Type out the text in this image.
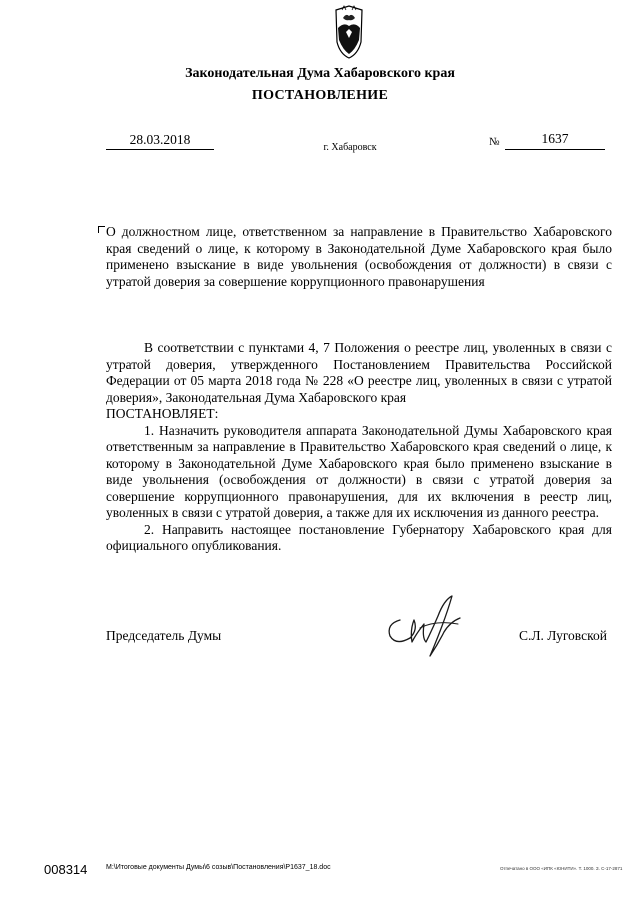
Законодательная Дума Хабаровского края
ПОСТАНОВЛЕНИЕ
28.03.2018
г. Хабаровск	№	1637
О должностном лице, ответственном за направление в Правительство Хабаровского края сведений о лице, к которому в Законодательной Думе Хабаровского края было применено взыскание в виде увольнения (освобождения от должности) в связи с утратой доверия за совершение коррупционного правонарушения

В соответствии с пунктами 4, 7 Положения о реестре лиц, уволенных в связи с утратой доверия, утвержденного Постановлением Правительства Российской Федерации от 05 марта 2018 года № 228 «О реестре лиц, уволенных в связи с утратой доверия», Законодательная Дума Хабаровского края

ПОСТАНОВЛЯЕТ:

1. Назначить руководителя аппарата Законодательной Думы Хабаровского края ответственным за направление в Правительство Хабаровского края сведений о лице, к которому в Законодательной Думе Хабаровского края было применено взыскание в виде увольнения (освобождения от должности) в связи с утратой доверия за совершение коррупционного правонарушения, для их включения в реестр лиц, уволенных в связи с утратой доверия, а также для их исключения из данного реестра.

2. Направить настоящее постановление Губернатору Хабаровского края для официального опубликования.

Председатель Думы	С.Л. Луговской
008314	M:\Итоговые документы Думы\6 созыв\Постановления\Р1637_18.doc	Отпечатано в ООО «ИПК «ЮНИТИ». Т. 1000. З. С-17-2871
